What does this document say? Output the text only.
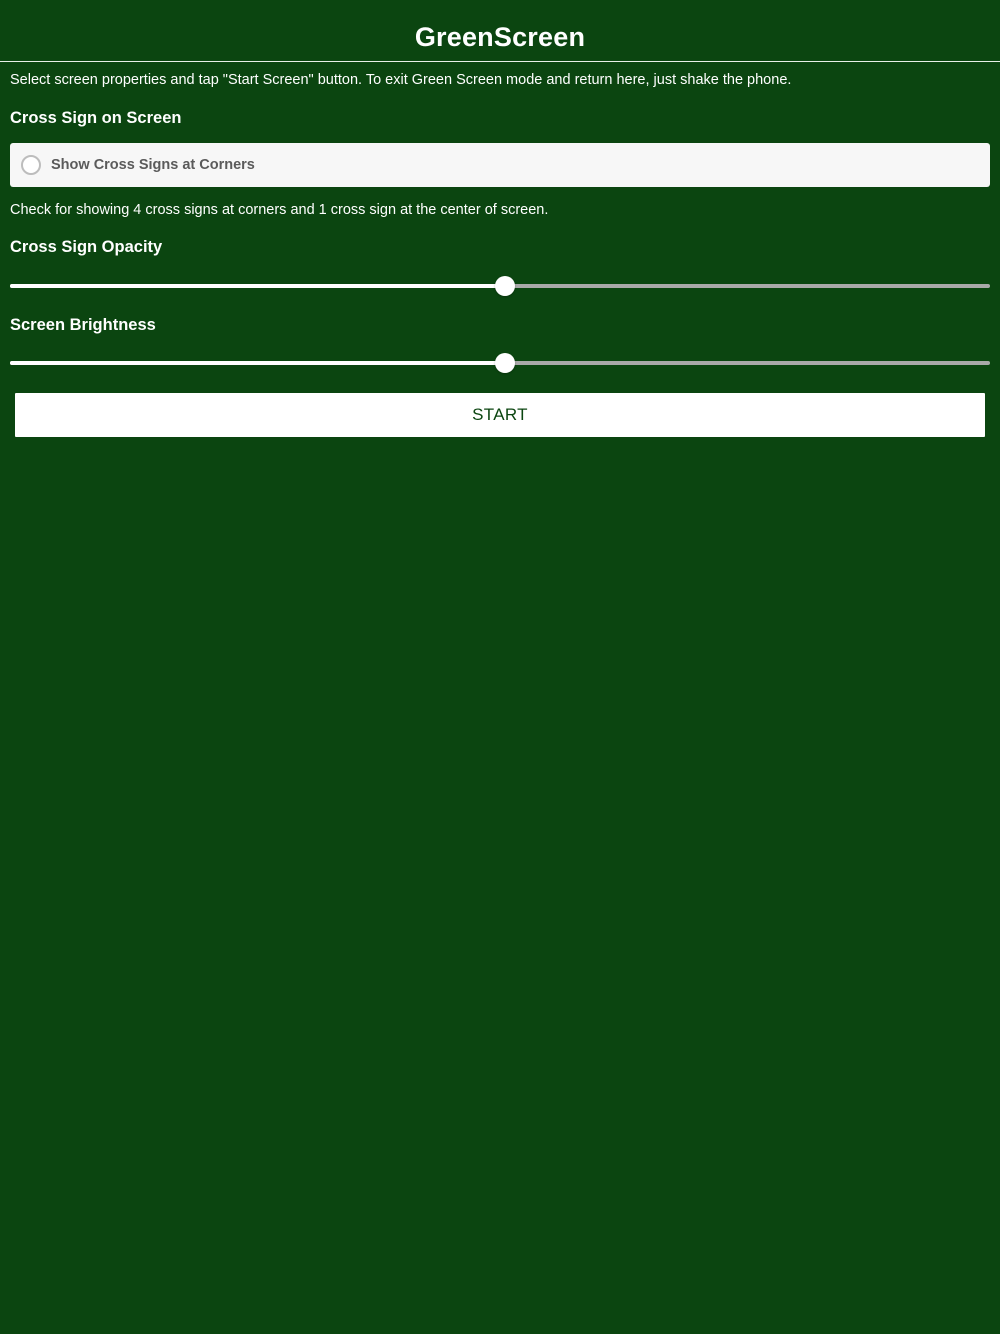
GreenScreen
Select screen properties and tap "Start Screen" button. To exit Green Screen mode and return here, just shake the phone.
Cross Sign on Screen
Show Cross Signs at Corners
Check for showing 4 cross signs at corners and 1 cross sign at the center of screen.
Cross Sign Opacity
Screen Brightness
START
